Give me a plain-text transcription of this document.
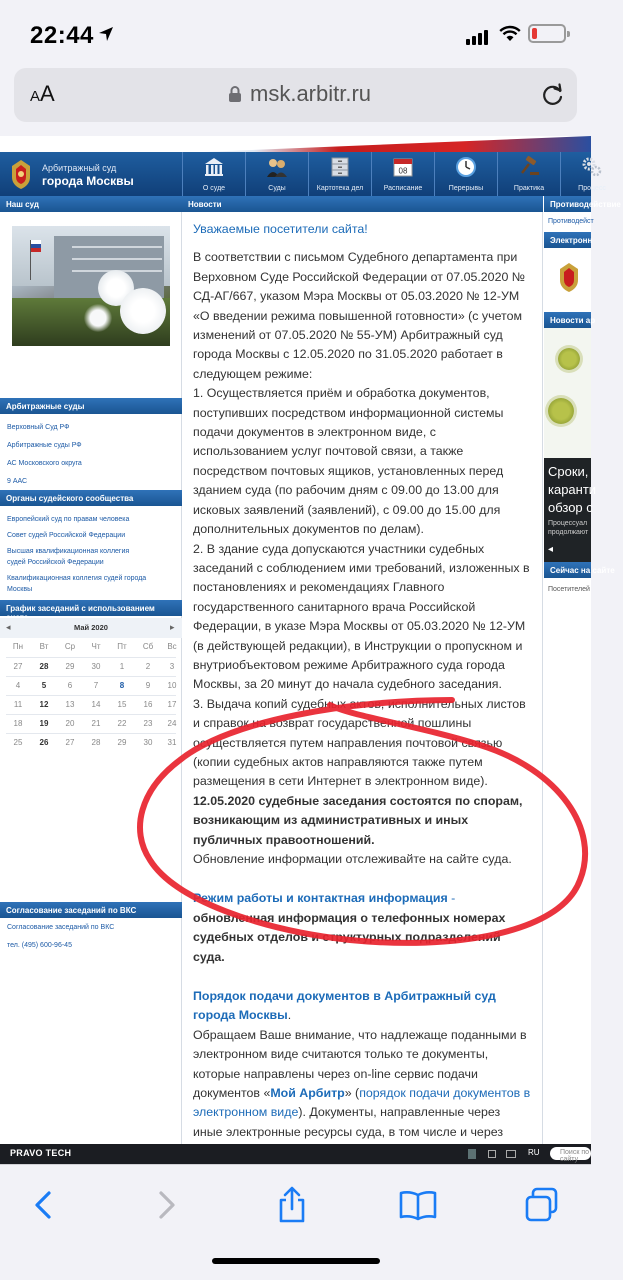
22:44
AA	msk.arbitr.ru
Арбитражный суд
города Москвы
О суде	Суды	Картотека дел
08
Расписание	Перерывы	Практика	Процесс
Наш суд
Арбитражные суды
Верховный Суд РФ
Арбитражные суды РФ
АС Московского округа
9 ААС
Органы судейского сообщества
Европейский суд по правам человека
Совет судей Российской Федерации
Высшая квалификационная коллегия
судей Российской Федерации
Квалификационная коллегия судей города
Москвы
График заседаний с использованием
◂	Май 2020	▸
Согласование заседаний по ВКС
Согласование заседаний по ВКС
тел. (495) 600-96-45
Пн	Вт	Ср	Чт	Пт	Сб	Вс
27	28	29	30	1	2	3
4	5	6	7	8	9	10
11	12	13	14	15	16	17
18	19	20	21	22	23	24
25	26	27	28	29	30	31
Новости

Уважаемые посетители сайта!

В соответствии с письмом Судебного департамента при Верховном Суде Российской Федерации от 07.05.2020 № СД-АГ/667, указом Мэра Москвы от 05.03.2020 № 12-УМ «О введении режима повышенной готовности» (с учетом изменений от 07.05.2020 № 55-УМ) Арбитражный суд города Москвы с 12.05.2020 по 31.05.2020 работает в следующем режиме:

1. Осуществляется приём и обработка документов, поступивших посредством информационной системы подачи документов в электронном виде, с использованием услуг почтовой связи, а также посредством почтовых ящиков, установленных перед зданием суда (по рабочим дням с 09.00 до 13.00 для исковых заявлений (заявлений), с 09.00 до 15.00 для дополнительных документов по делам).

2. В здание суда допускаются участники судебных заседаний с соблюдением ими требований, изложенных в постановлениях и рекомендациях Главного государственного санитарного врача Российской Федерации, в указе Мэра Москвы от 05.03.2020 № 12-УМ (в действующей редакции), в Инструкции о пропускном и внутриобъектовом режиме Арбитражного суда города Москвы, за 20 минут до начала судебного заседания.

3. Выдача копий судебных актов, исполнительных листов и справок на возврат государственной пошлины осуществляется путем направления почтовой связью (копии судебных актов направляются также путем размещения в сети Интернет в электронном виде).

12.05.2020 судебные заседания состоятся по спорам, возникающим из административных и иных публичных правоотношений.

Обновление информации отслеживайте на сайте суда.

Режим работы и контактная информация - обновленная информация о телефонных номерах судебных отделов и структурных подразделений суда.

Порядок подачи документов в Арбитражный суд города Москвы.

Обращаем Ваше внимание, что надлежаще поданными в электронном виде считаются только те документы, которые направлены через on-line сервис подачи документов «Мой Арбитр» (порядок подачи документов в электронном виде). Документы, направленные через иные электронные ресурсы суда, в том числе и через

Противодействие
Противодейст
Электронн
Новости ар
Сроки,
каранти
обзор с
Процессуал
продолжают
◂
Сейчас на сайте
Посетителей
PRAVO TECH	RU	Поиск по сайту
